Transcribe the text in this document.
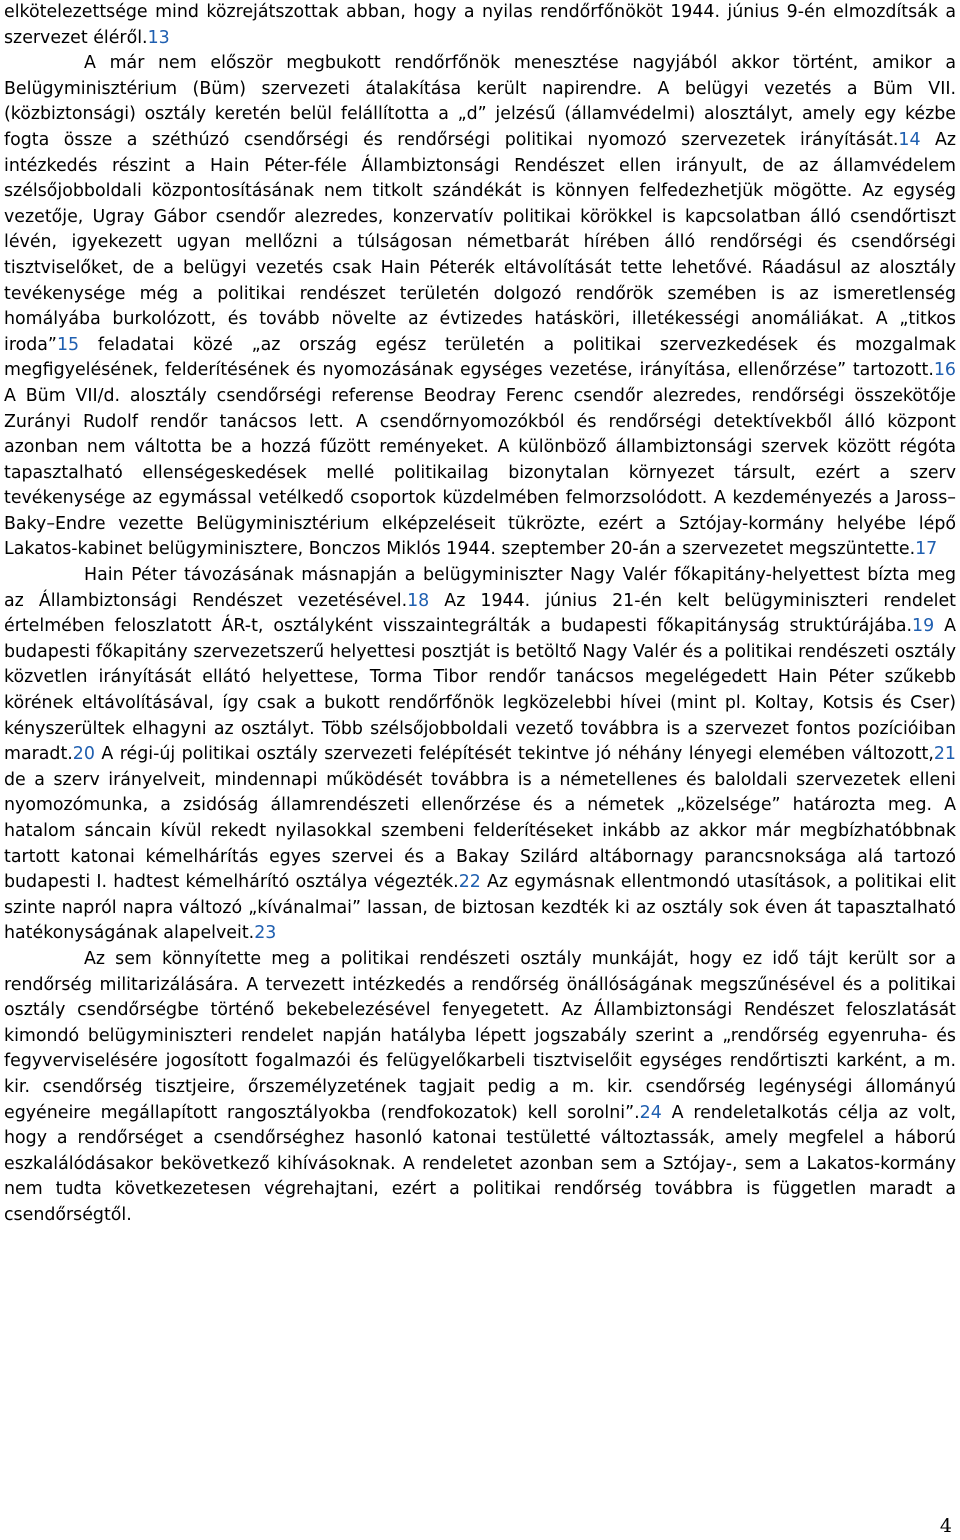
elkötelezettsége mind közrejátszottak abban, hogy a nyilas rendőrfőnököt 1944. június 9-én elmozdítsák a szervezet éléről.13

A már nem először megbukott rendőrfőnök menesztése nagyjából akkor történt, amikor a Belügyminisztérium (Büm) szervezeti átalakítása került napirendre. A belügyi vezetés a Büm VII. (közbiztonsági) osztály keretén belül felállította a „d” jelzésű (államvédelmi) alosztályt, amely egy kézbe fogta össze a széthúzó csendőrségi és rendőrségi politikai nyomozó szervezetek irányítását.14 Az intézkedés részint a Hain Péter-féle Állambiztonsági Rendészet ellen irányult, de az államvédelem szélsőjobboldali központosításának nem titkolt szándékát is könnyen felfedezhetjük mögötte. Az egység vezetője, Ugray Gábor csendőr alezredes, konzervatív politikai körökkel is kapcsolatban álló csendőrtiszt lévén, igyekezett ugyan mellőzni a túlságosan németbarát hírében álló rendőrségi és csendőrségi tisztviselőket, de a belügyi vezetés csak Hain Péterék eltávolítását tette lehetővé. Ráadásul az alosztály tevékenysége még a politikai rendészet területén dolgozó rendőrök szemében is az ismeretlenség homályába burkolózott, és tovább növelte az évtizedes hatásköri, illetékességi anomáliákat. A „titkos iroda”15 feladatai közé „az ország egész területén a politikai szervezkedések és mozgalmak megfigyelésének, felderítésének és nyomozásának egységes vezetése, irányítása, ellenőrzése” tartozott.16 A Büm VII/d. alosztály csendőrségi referense Beodray Ferenc csendőr alezredes, rendőrségi összekötője Zurányi Rudolf rendőr tanácsos lett. A csendőrnyomozókból és rendőrségi detektívekből álló központ azonban nem váltotta be a hozzá fűzött reményeket. A különböző állambiztonsági szervek között régóta tapasztalható ellenségeskedések mellé politikailag bizonytalan környezet társult, ezért a szerv tevékenysége az egymással vetélkedő csoportok küzdelmében felmorzsolódott. A kezdeményezés a Jaross–Baky–Endre vezette Belügyminisztérium elképzeléseit tükrözte, ezért a Sztójay-kormány helyébe lépő Lakatos-kabinet belügyminisztere, Bonczos Miklós 1944. szeptember 20-án a szervezetet megszüntette.17

Hain Péter távozásának másnapján a belügyminiszter Nagy Valér főkapitány-helyettest bízta meg az Állambiztonsági Rendészet vezetésével.18 Az 1944. június 21-én kelt belügyminiszteri rendelet értelmében feloszlatott ÁR-t, osztályként visszaintegrálták a budapesti főkapitányság struktúrájába.19 A budapesti főkapitány szervezetszerű helyettesi posztját is betöltő Nagy Valér és a politikai rendészeti osztály közvetlen irányítását ellátó helyettese, Torma Tibor rendőr tanácsos megelégedett Hain Péter szűkebb körének eltávolításával, így csak a bukott rendőrfőnök legközelebbi hívei (mint pl. Koltay, Kotsis és Cser) kényszerültek elhagyni az osztályt. Több szélsőjobboldali vezető továbbra is a szervezet fontos pozícióiban maradt.20 A régi-új politikai osztály szervezeti felépítését tekintve jó néhány lényegi elemében változott,21 de a szerv irányelveit, mindennapi működését továbbra is a németellenes és baloldali szervezetek elleni nyomozómunka, a zsidóság államrendészeti ellenőrzése és a németek „közelsége” határozta meg. A hatalom sáncain kívül rekedt nyilasokkal szembeni felderítéseket inkább az akkor már megbízhatóbbnak tartott katonai kémelhárítás egyes szervei és a Bakay Szilárd altábornagy parancsnoksága alá tartozó budapesti I. hadtest kémelhárító osztálya végezték.22 Az egymásnak ellentmondó utasítások, a politikai elit szinte napról napra változó „kívánalmai” lassan, de biztosan kezdték ki az osztály sok éven át tapasztalható hatékonyságának alapelveit.23

Az sem könnyítette meg a politikai rendészeti osztály munkáját, hogy ez idő tájt került sor a rendőrség militarizálására. A tervezett intézkedés a rendőrség önállóságának megszűnésével és a politikai osztály csendőrségbe történő bekebelezésével fenyegetett. Az Állambiztonsági Rendészet feloszlatását kimondó belügyminiszteri rendelet napján hatályba lépett jogszabály szerint a „rendőrség egyenruha- és fegyverviselésére jogosított fogalmazói és felügyelőkarbeli tisztviselőit egységes rendőrtiszti karként, a m. kir. csendőrség tisztjeire, őrszemélyzetének tagjait pedig a m. kir. csendőrség legénységi állományú egyéneire megállapított rangosztályokba (rendfokozatok) kell sorolni”.24 A rendeletalkotás célja az volt, hogy a rendőrséget a csendőrséghez hasonló katonai testületté változtassák, amely megfelel a háború eszkalálódásakor bekövetkező kihívásoknak. A rendeletet azonban sem a Sztójay-, sem a Lakatos-kormány nem tudta következetesen végrehajtani, ezért a politikai rendőrség továbbra is független maradt a csendőrségtől.

4
